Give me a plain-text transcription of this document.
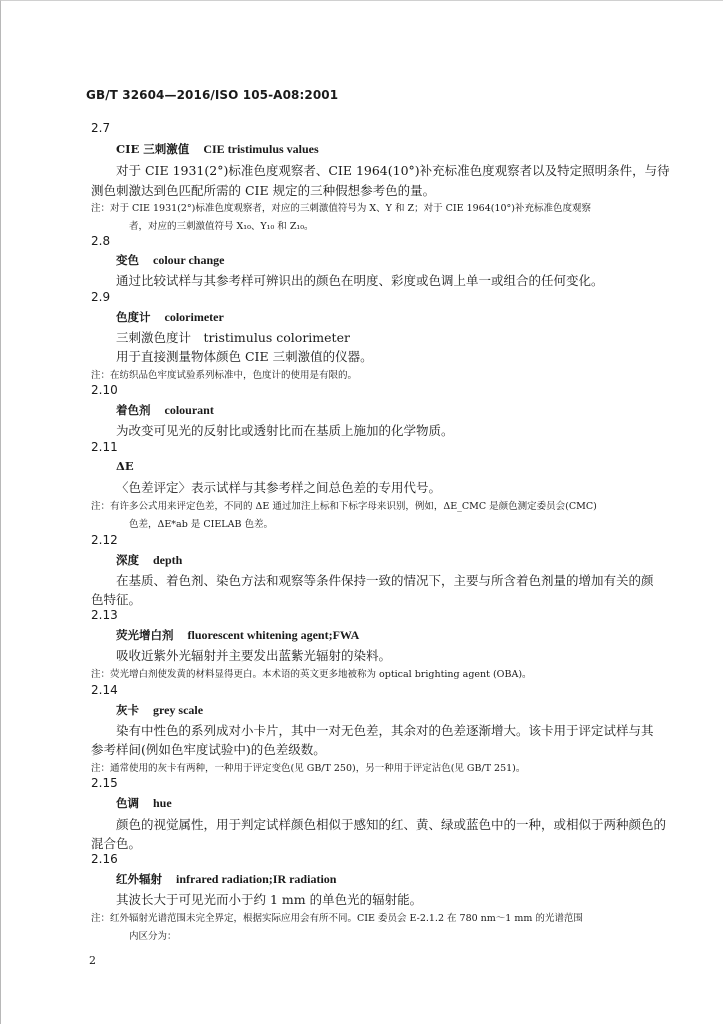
GB/T 32604—2016/ISO 105-A08:2001
2.7
CIE 三刺激值 CIE tristimulus values
对于 CIE 1931(2°)标准色度观察者、CIE 1964(10°)补充标准色度观察者以及特定照明条件，与待
测色刺激达到色匹配所需的 CIE 规定的三种假想参考色的量。
注：对于 CIE 1931(2°)标准色度观察者，对应的三刺激值符号为 X、Y 和 Z；对于 CIE 1964(10°)补充标准色度观察
者，对应的三刺激值符号 X₁₀、Y₁₀ 和 Z₁₀。
2.8
变色 colour change
通过比较试样与其参考样可辨识出的颜色在明度、彩度或色调上单一或组合的任何变化。
2.9
色度计 colorimeter
三刺激色度计　tristimulus colorimeter
用于直接测量物体颜色 CIE 三刺激值的仪器。
注：在纺织品色牢度试验系列标准中，色度计的使用是有限的。
2.10
着色剂 colourant
为改变可见光的反射比或透射比而在基质上施加的化学物质。
2.11
ΔE
〈色差评定〉表示试样与其参考样之间总色差的专用代号。
注：有许多公式用来评定色差，不同的 ΔE 通过加注上标和下标字母来识别，例如，ΔE_CMC 是颜色测定委员会(CMC)
色差，ΔE*ab 是 CIELAB 色差。
2.12
深度 depth
在基质、着色剂、染色方法和观察等条件保持一致的情况下，主要与所含着色剂量的增加有关的颜
色特征。
2.13
荧光增白剂 fluorescent whitening agent;FWA
吸收近紫外光辐射并主要发出蓝紫光辐射的染料。
注：荧光增白剂使发黄的材料显得更白。本术语的英文更多地被称为 optical brighting agent (OBA)。
2.14
灰卡 grey scale
染有中性色的系列成对小卡片，其中一对无色差，其余对的色差逐渐增大。该卡用于评定试样与其
参考样间(例如色牢度试验中)的色差级数。
注：通常使用的灰卡有两种，一种用于评定变色(见 GB/T 250)，另一种用于评定沾色(见 GB/T 251)。
2.15
色调 hue
颜色的视觉属性，用于判定试样颜色相似于感知的红、黄、绿或蓝色中的一种，或相似于两种颜色的
混合色。
2.16
红外辐射 infrared radiation;IR radiation
其波长大于可见光而小于约 1 mm 的单色光的辐射能。
注：红外辐射光谱范围未完全界定，根据实际应用会有所不同。CIE 委员会 E-2.1.2 在 780 nm～1 mm 的光谱范围
内区分为：
2
